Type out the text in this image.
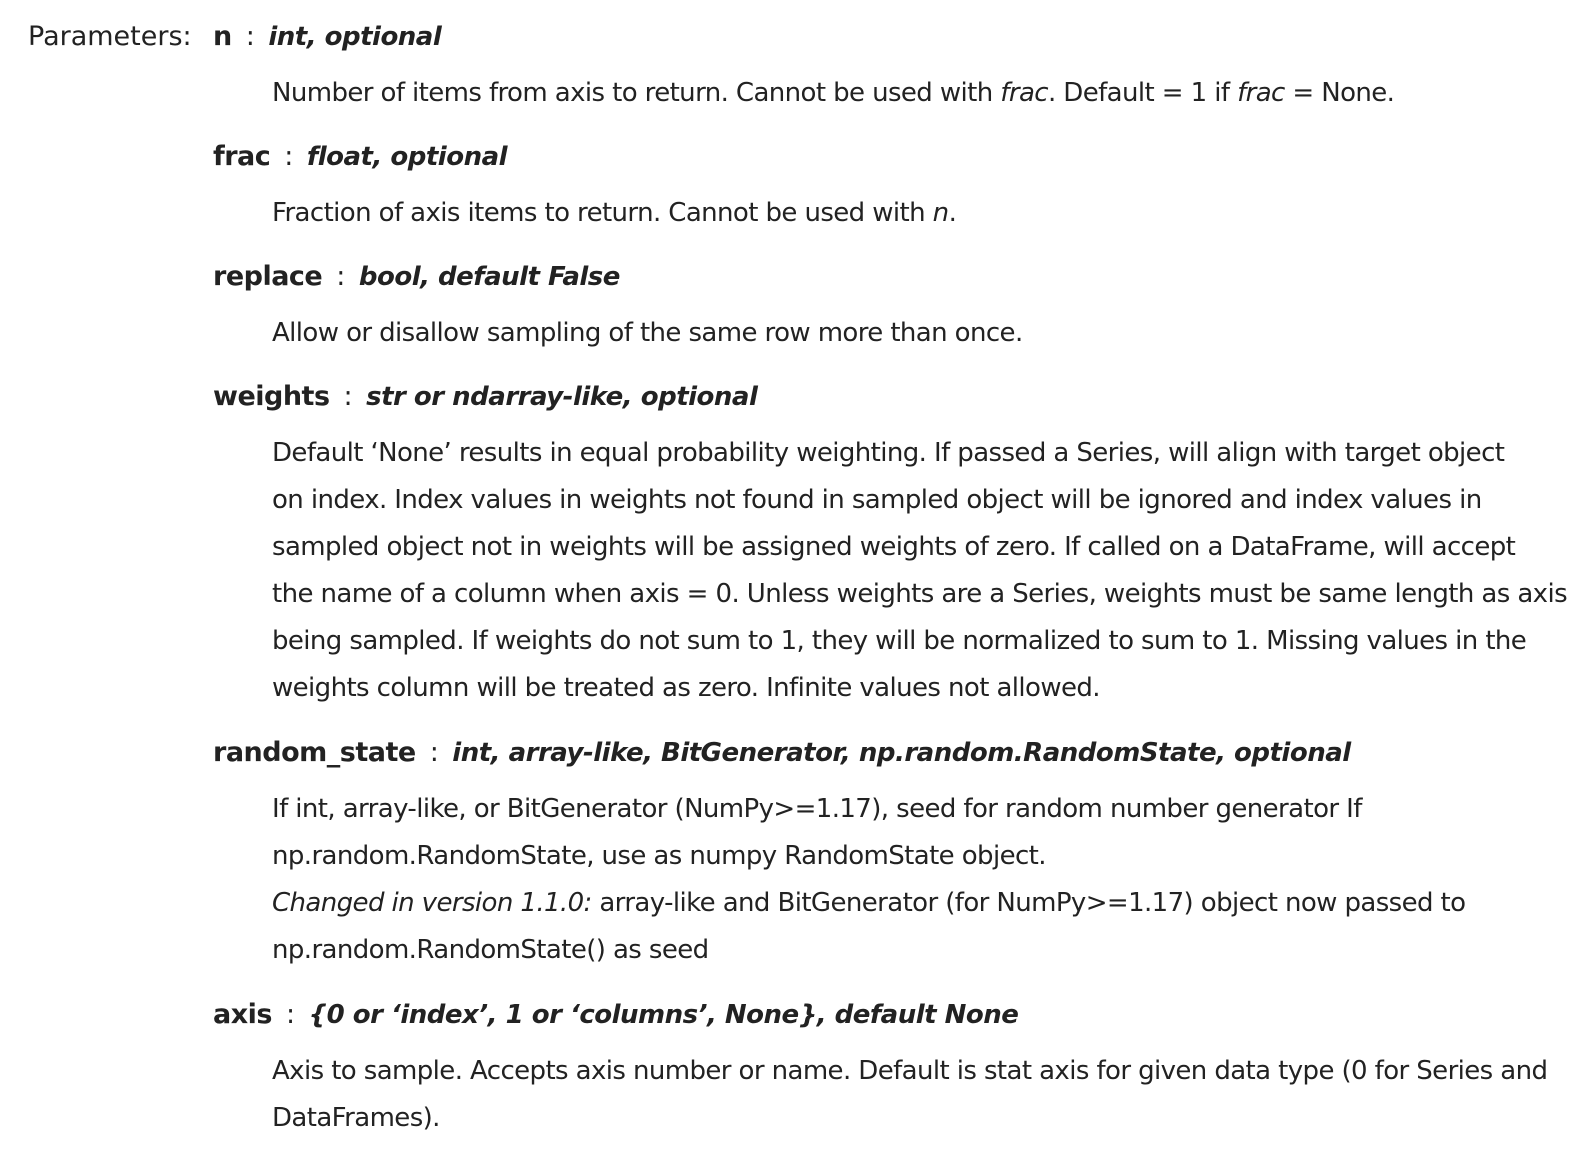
Parameters: n : int, optional

Number of items from axis to return. Cannot be used with frac. Default = 1 if frac = None.

frac : float, optional

Fraction of axis items to return. Cannot be used with n.

replace : bool, default False

Allow or disallow sampling of the same row more than once.

weights : str or ndarray-like, optional

Default ‘None’ results in equal probability weighting. If passed a Series, will align with target object

on index. Index values in weights not found in sampled object will be ignored and index values in

sampled object not in weights will be assigned weights of zero. If called on a DataFrame, will accept

the name of a column when axis = 0. Unless weights are a Series, weights must be same length as axis

being sampled. If weights do not sum to 1, they will be normalized to sum to 1. Missing values in the

weights column will be treated as zero. Infinite values not allowed.

random_state : int, array-like, BitGenerator, np.random.RandomState, optional

If int, array-like, or BitGenerator (NumPy>=1.17), seed for random number generator If

np.random.RandomState, use as numpy RandomState object.

Changed in version 1.1.0: array-like and BitGenerator (for NumPy>=1.17) object now passed to

np.random.RandomState() as seed

axis : {0 or ‘index’, 1 or ‘columns’, None}, default None

Axis to sample. Accepts axis number or name. Default is stat axis for given data type (0 for Series and

DataFrames).
